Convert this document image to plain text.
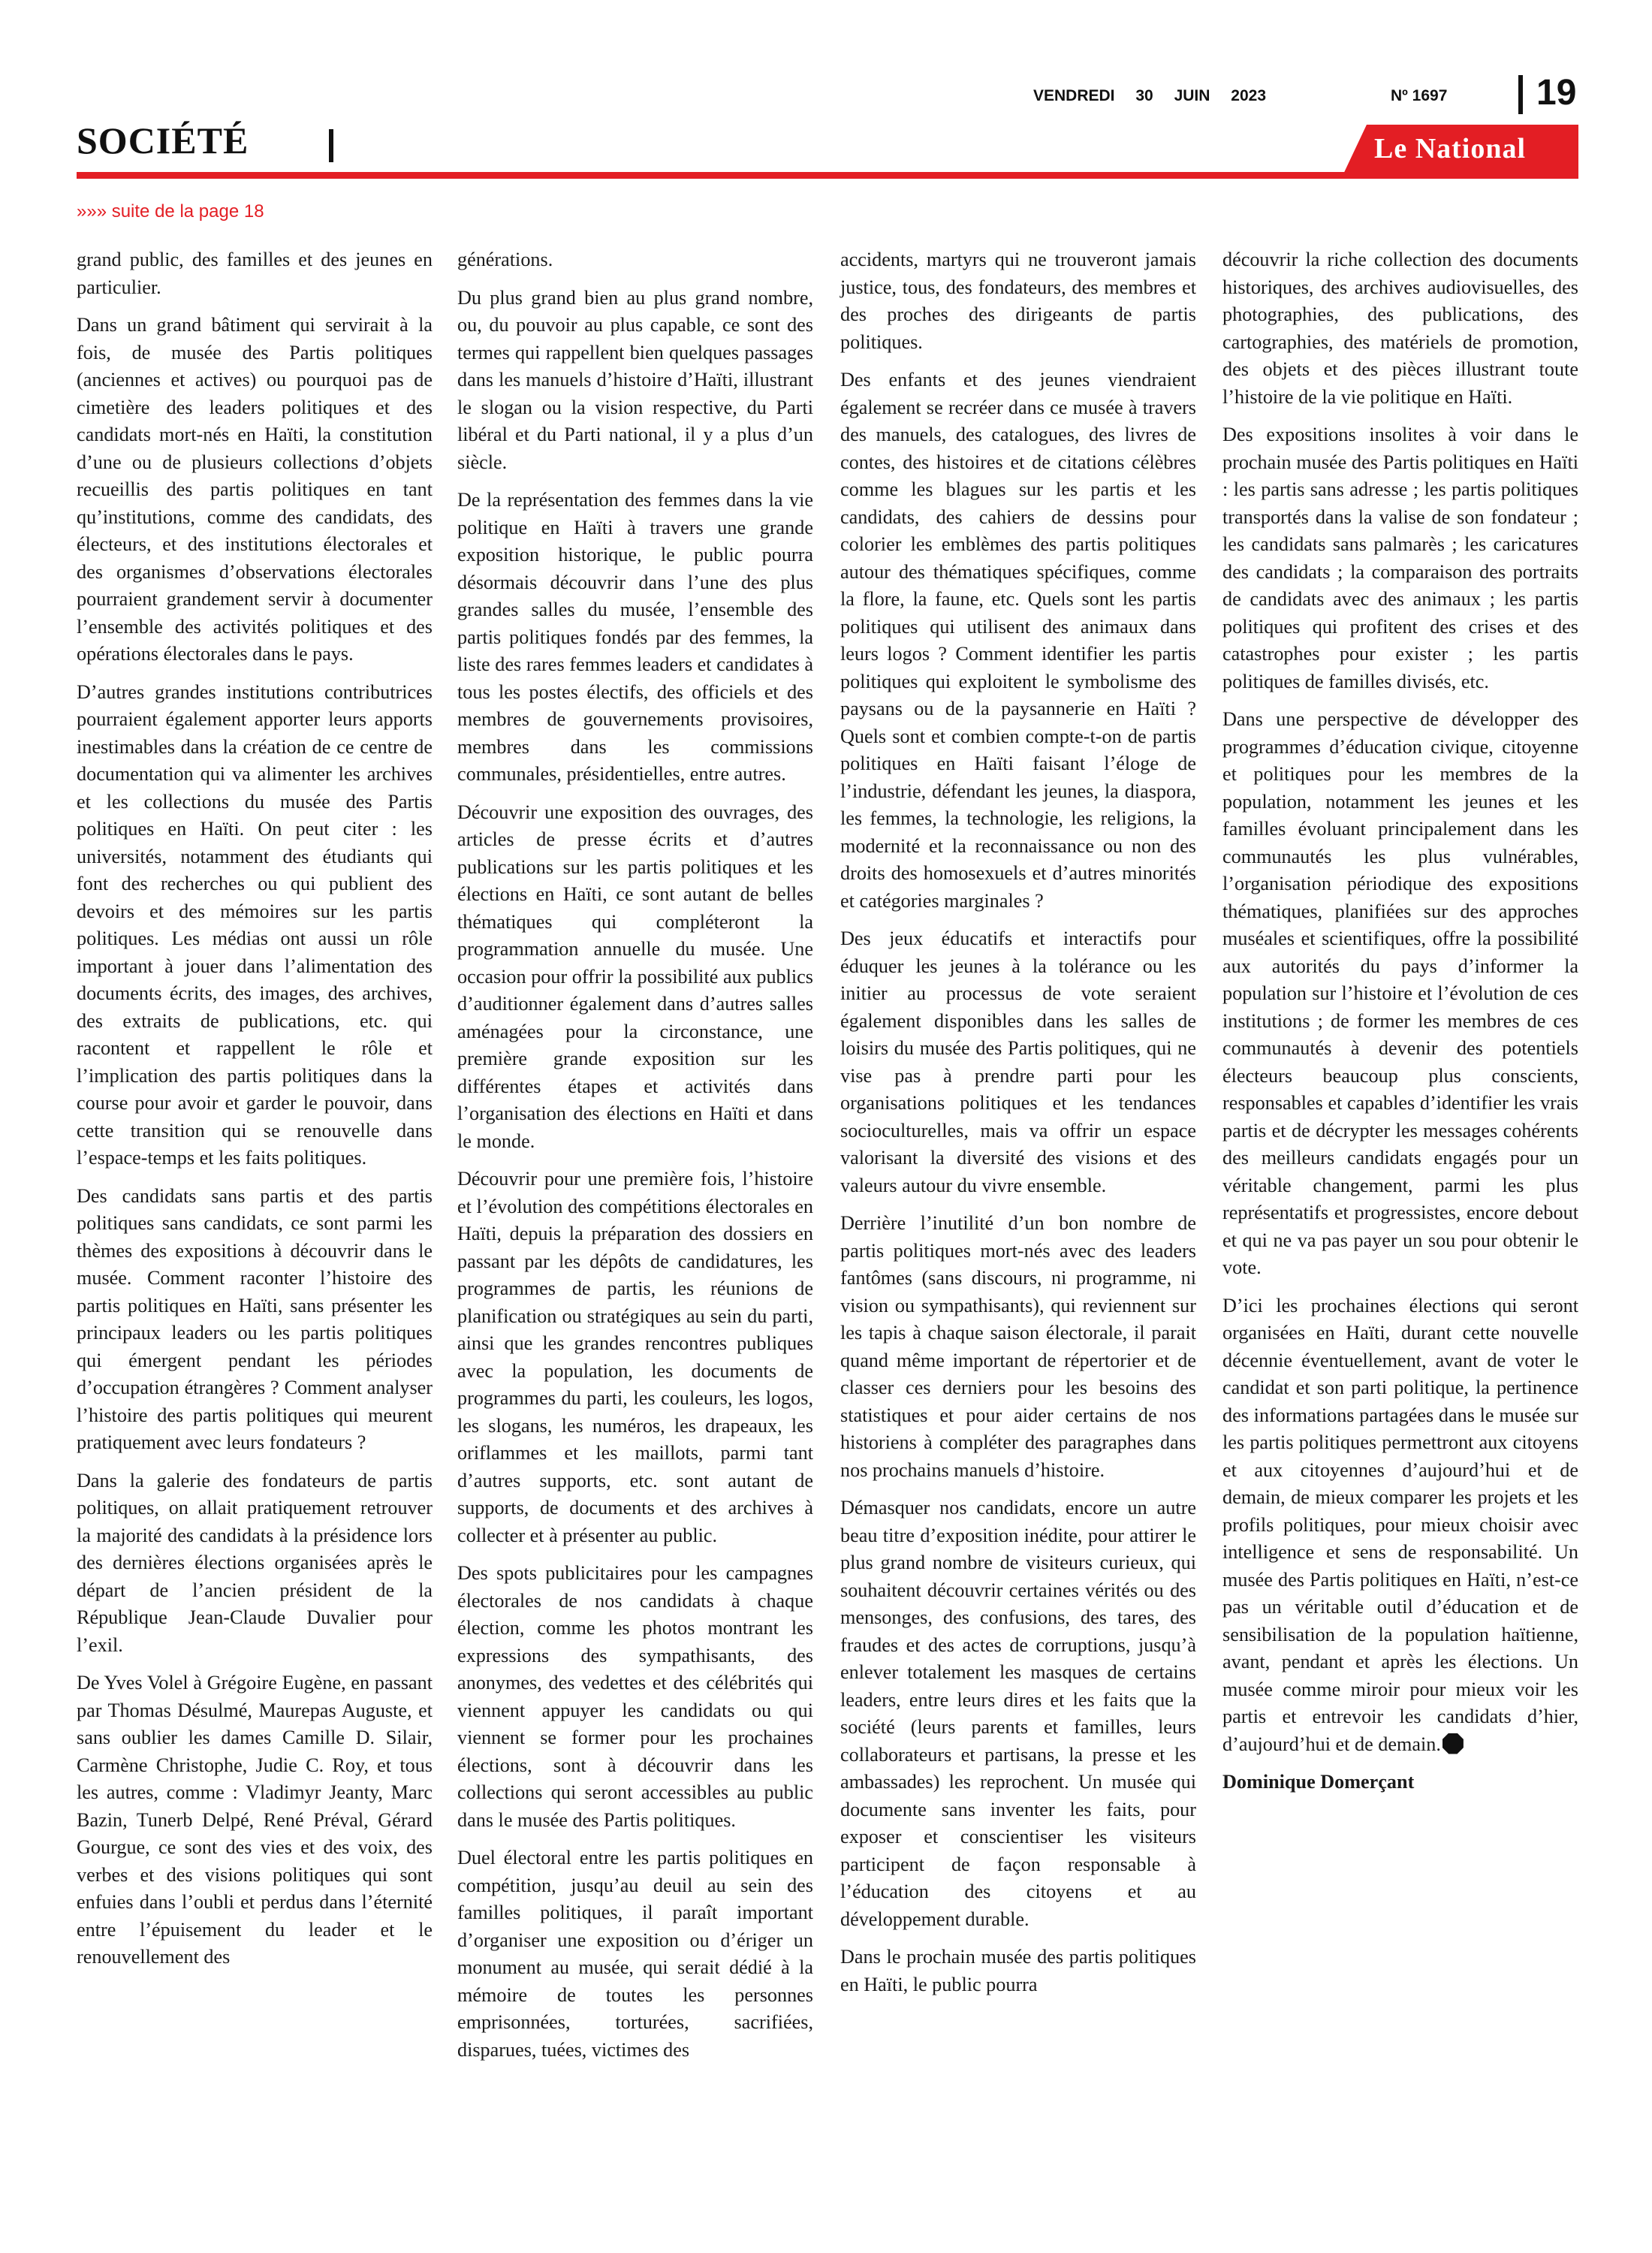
SOCIÉTÉ
VENDREDI 30 JUIN 2023	Nº 1697 19
Le National
»»» suite de la page 18

grand public, des familles et des jeunes en particulier.

Dans un grand bâtiment qui servirait à la fois, de musée des Partis politiques (anciennes et actives) ou pourquoi pas de cimetière des leaders politiques et des candidats mort-nés en Haïti, la constitution d’une ou de plusieurs collections d’objets recueillis des partis politiques en tant qu’institutions, comme des candidats, des électeurs, et des institutions électorales et des organismes d’observations électorales pourraient grandement servir à documenter l’ensemble des activités politiques et des opérations électorales dans le pays.

D’autres grandes institutions contributrices pourraient également apporter leurs apports inestimables dans la création de ce centre de documentation qui va alimenter les archives et les collections du musée des Partis politiques en Haïti. On peut citer : les universités, notamment des étudiants qui font des recherches ou qui publient des devoirs et des mémoires sur les partis politiques. Les médias ont aussi un rôle important à jouer dans l’alimentation des documents écrits, des images, des archives, des extraits de publications, etc. qui racontent et rappellent le rôle et l’implication des partis politiques dans la course pour avoir et garder le pouvoir, dans cette transition qui se renouvelle dans l’espace-temps et les faits politiques.

Des candidats sans partis et des partis politiques sans candidats, ce sont parmi les thèmes des expositions à découvrir dans le musée. Comment raconter l’histoire des partis politiques en Haïti, sans présenter les principaux leaders ou les partis politiques qui émergent pendant les périodes d’occupation étrangères ? Comment analyser l’histoire des partis politiques qui meurent pratiquement avec leurs fondateurs ?

Dans la galerie des fondateurs de partis politiques, on allait pratiquement retrouver la majorité des candidats à la présidence lors des dernières élections organisées après le départ de l’ancien président de la République Jean-Claude Duvalier pour l’exil.

De Yves Volel à Grégoire Eugène, en passant par Thomas Désulmé, Maurepas Auguste, et sans oublier les dames Camille D. Silair, Carmène Christophe, Judie C. Roy, et tous les autres, comme : Vladimyr Jeanty, Marc Bazin, Tunerb Delpé, René Préval, Gérard Gourgue, ce sont des vies et des voix, des verbes et des visions politiques qui sont enfuies dans l’oubli et perdus dans l’éternité entre l’épuisement du leader et le renouvellement des

générations.

Du plus grand bien au plus grand nombre, ou, du pouvoir au plus capable, ce sont des termes qui rappellent bien quelques passages dans les manuels d’histoire d’Haïti, illustrant le slogan ou la vision respective, du Parti libéral et du Parti national, il y a plus d’un siècle.

De la représentation des femmes dans la vie politique en Haïti à travers une grande exposition historique, le public pourra désormais découvrir dans l’une des plus grandes salles du musée, l’ensemble des partis politiques fondés par des femmes, la liste des rares femmes leaders et candidates à tous les postes électifs, des officiels et des membres de gouvernements provisoires, membres dans les commissions communales, présidentielles, entre autres.

Découvrir une exposition des ouvrages, des articles de presse écrits et d’autres publications sur les partis politiques et les élections en Haïti, ce sont autant de belles thématiques qui compléteront la programmation annuelle du musée. Une occasion pour offrir la possibilité aux publics d’auditionner également dans d’autres salles aménagées pour la circonstance, une première grande exposition sur les différentes étapes et activités dans l’organisation des élections en Haïti et dans le monde.

Découvrir pour une première fois, l’histoire et l’évolution des compétitions électorales en Haïti, depuis la préparation des dossiers en passant par les dépôts de candidatures, les programmes de partis, les réunions de planification ou stratégiques au sein du parti, ainsi que les grandes rencontres publiques avec la population, les documents de programmes du parti, les couleurs, les logos, les slogans, les numéros, les drapeaux, les oriflammes et les maillots, parmi tant d’autres supports, etc. sont autant de supports, de documents et des archives à collecter et à présenter au public.

Des spots publicitaires pour les campagnes électorales de nos candidats à chaque élection, comme les photos montrant les expressions des sympathisants, des anonymes, des vedettes et des célébrités qui viennent appuyer les candidats ou qui viennent se former pour les prochaines élections, sont à découvrir dans les collections qui seront accessibles au public dans le musée des Partis politiques.

Duel électoral entre les partis politiques en compétition, jusqu’au deuil au sein des familles politiques, il paraît important d’organiser une exposition ou d’ériger un monument au musée, qui serait dédié à la mémoire de toutes les personnes emprisonnées, torturées, sacrifiées, disparues, tuées, victimes des

accidents, martyrs qui ne trouveront jamais justice, tous, des fondateurs, des membres et des proches des dirigeants de partis politiques.

Des enfants et des jeunes viendraient également se recréer dans ce musée à travers des manuels, des catalogues, des livres de contes, des histoires et de citations célèbres comme les blagues sur les partis et les candidats, des cahiers de dessins pour colorier les emblèmes des partis politiques autour des thématiques spécifiques, comme la flore, la faune, etc. Quels sont les partis politiques qui utilisent des animaux dans leurs logos ? Comment identifier les partis politiques qui exploitent le symbolisme des paysans ou de la paysannerie en Haïti ? Quels sont et combien compte-t-on de partis politiques en Haïti faisant l’éloge de l’industrie, défendant les jeunes, la diaspora, les femmes, la technologie, les religions, la modernité et la reconnaissance ou non des droits des homosexuels et d’autres minorités et catégories marginales ?

Des jeux éducatifs et interactifs pour éduquer les jeunes à la tolérance ou les initier au processus de vote seraient également disponibles dans les salles de loisirs du musée des Partis politiques, qui ne vise pas à prendre parti pour les organisations politiques et les tendances socioculturelles, mais va offrir un espace valorisant la diversité des visions et des valeurs autour du vivre ensemble.

Derrière l’inutilité d’un bon nombre de partis politiques mort-nés avec des leaders fantômes (sans discours, ni programme, ni vision ou sympathisants), qui reviennent sur les tapis à chaque saison électorale, il parait quand même important de répertorier et de classer ces derniers pour les besoins des statistiques et pour aider certains de nos historiens à compléter des paragraphes dans nos prochains manuels d’histoire.

Démasquer nos candidats, encore un autre beau titre d’exposition inédite, pour attirer le plus grand nombre de visiteurs curieux, qui souhaitent découvrir certaines vérités ou des mensonges, des confusions, des tares, des fraudes et des actes de corruptions, jusqu’à enlever totalement les masques de certains leaders, entre leurs dires et les faits que la société (leurs parents et familles, leurs collaborateurs et partisans, la presse et les ambassades) les reprochent. Un musée qui documente sans inventer les faits, pour exposer et conscientiser les visiteurs participent de façon responsable à l’éducation des citoyens et au développement durable.

Dans le prochain musée des partis politiques en Haïti, le public pourra

découvrir la riche collection des documents historiques, des archives audiovisuelles, des photographies, des publications, des cartographies, des matériels de promotion, des objets et des pièces illustrant toute l’histoire de la vie politique en Haïti.

Des expositions insolites à voir dans le prochain musée des Partis politiques en Haïti : les partis sans adresse ; les partis politiques transportés dans la valise de son fondateur ; les candidats sans palmarès ; les caricatures des candidats ; la comparaison des portraits de candidats avec des animaux ; les partis politiques qui profitent des crises et des catastrophes pour exister ; les partis politiques de familles divisés, etc.

Dans une perspective de développer des programmes d’éducation civique, citoyenne et politiques pour les membres de la population, notamment les jeunes et les familles évoluant principalement dans les communautés les plus vulnérables, l’organisation périodique des expositions thématiques, planifiées sur des approches muséales et scientifiques, offre la possibilité aux autorités du pays d’informer la population sur l’histoire et l’évolution de ces institutions ; de former les membres de ces communautés à devenir des potentiels électeurs beaucoup plus conscients, responsables et capables d’identifier les vrais partis et de décrypter les messages cohérents des meilleurs candidats engagés pour un véritable changement, parmi les plus représentatifs et progressistes, encore debout et qui ne va pas payer un sou pour obtenir le vote.

D’ici les prochaines élections qui seront organisées en Haïti, durant cette nouvelle décennie éventuellement, avant de voter le candidat et son parti politique, la pertinence des informations partagées dans le musée sur les partis politiques permettront aux citoyens et aux citoyennes d’aujourd’hui et de demain, de mieux comparer les projets et les profils politiques, pour mieux choisir avec intelligence et sens de responsabilité. Un musée des Partis politiques en Haïti, n’est-ce pas un véritable outil d’éducation et de sensibilisation de la population haïtienne, avant, pendant et après les élections. Un musée comme miroir pour mieux voir les partis et entrevoir les candidats d’hier, d’aujourd’hui et de demain.

Dominique Domerçant
